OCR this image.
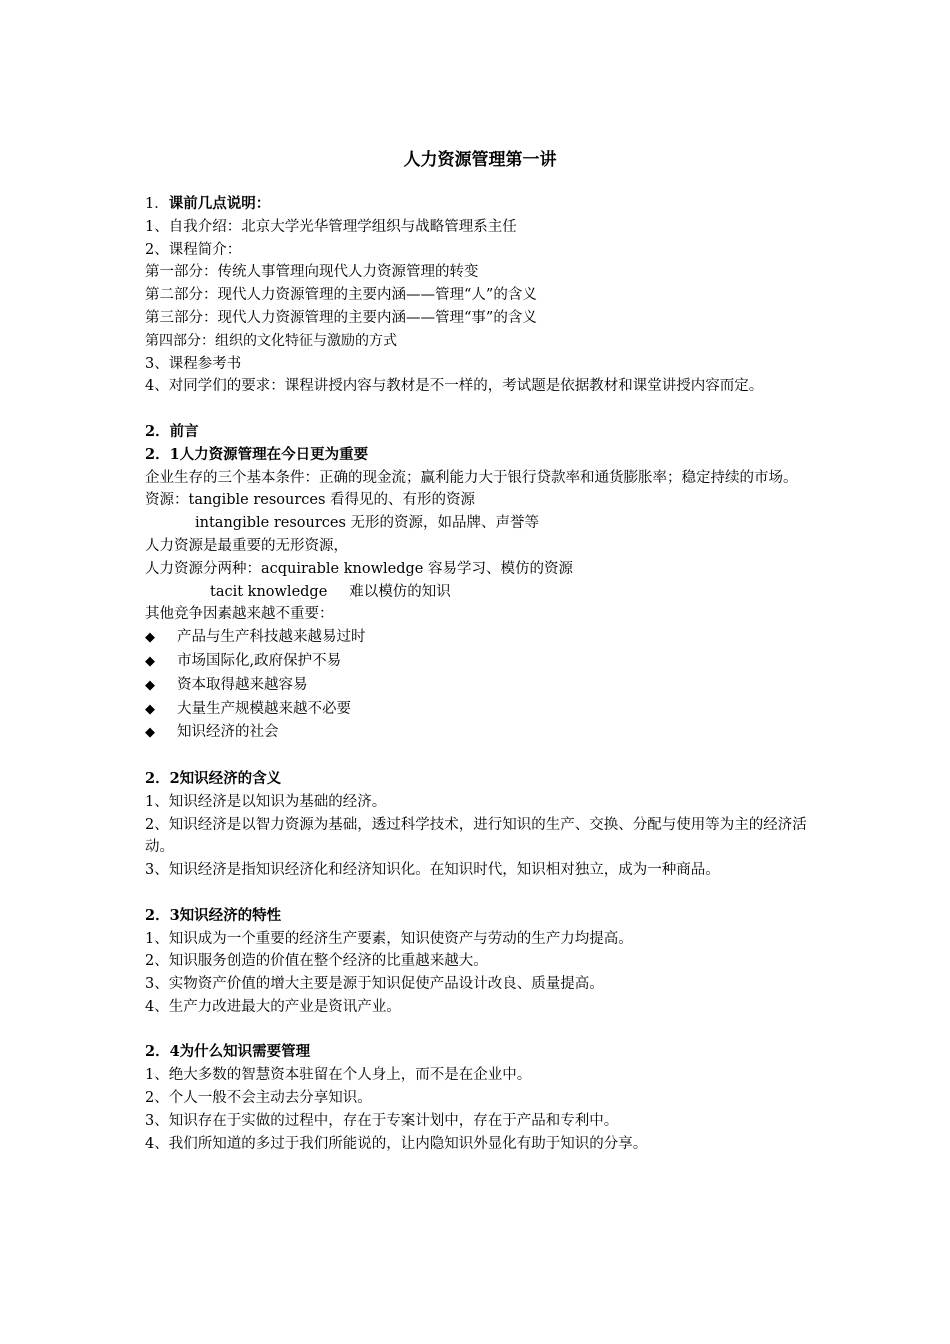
人力资源管理第一讲
1．课前几点说明：
1、自我介绍：北京大学光华管理学组织与战略管理系主任
2、课程简介：
第一部分：传统人事管理向现代人力资源管理的转变
第二部分：现代人力资源管理的主要内涵——管理“人”的含义
第三部分：现代人力资源管理的主要内涵——管理“事”的含义
第四部分：组织的文化特征与激励的方式
3、课程参考书
4、对同学们的要求：课程讲授内容与教材是不一样的，考试题是依据教材和课堂讲授内容而定。
2．前言
2．1人力资源管理在今日更为重要
企业生存的三个基本条件：正确的现金流；赢利能力大于银行贷款率和通货膨胀率；稳定持续的市场。
资源：tangible resources 看得见的、有形的资源
intangible resources 无形的资源，如品牌、声誉等
人力资源是最重要的无形资源，
人力资源分两种：acquirable knowledge 容易学习、模仿的资源
tacit knowledge 难以模仿的知识
其他竞争因素越来越不重要：
◆	产品与生产科技越来越易过时
◆	市场国际化,政府保护不易
◆	资本取得越来越容易
◆	大量生产规模越来越不必要
◆	知识经济的社会
2．2知识经济的含义
1、知识经济是以知识为基础的经济。
2、知识经济是以智力资源为基础，透过科学技术，进行知识的生产、交换、分配与使用等为主的经济活动。
3、知识经济是指知识经济化和经济知识化。在知识时代，知识相对独立，成为一种商品。
2．3知识经济的特性
1、知识成为一个重要的经济生产要素，知识使资产与劳动的生产力均提高。
2、知识服务创造的价值在整个经济的比重越来越大。
3、实物资产价值的增大主要是源于知识促使产品设计改良、质量提高。
4、生产力改进最大的产业是资讯产业。
2．4为什么知识需要管理
1、绝大多数的智慧资本驻留在个人身上，而不是在企业中。
2、个人一般不会主动去分享知识。
3、知识存在于实做的过程中，存在于专案计划中，存在于产品和专利中。
4、我们所知道的多过于我们所能说的，让内隐知识外显化有助于知识的分享。
